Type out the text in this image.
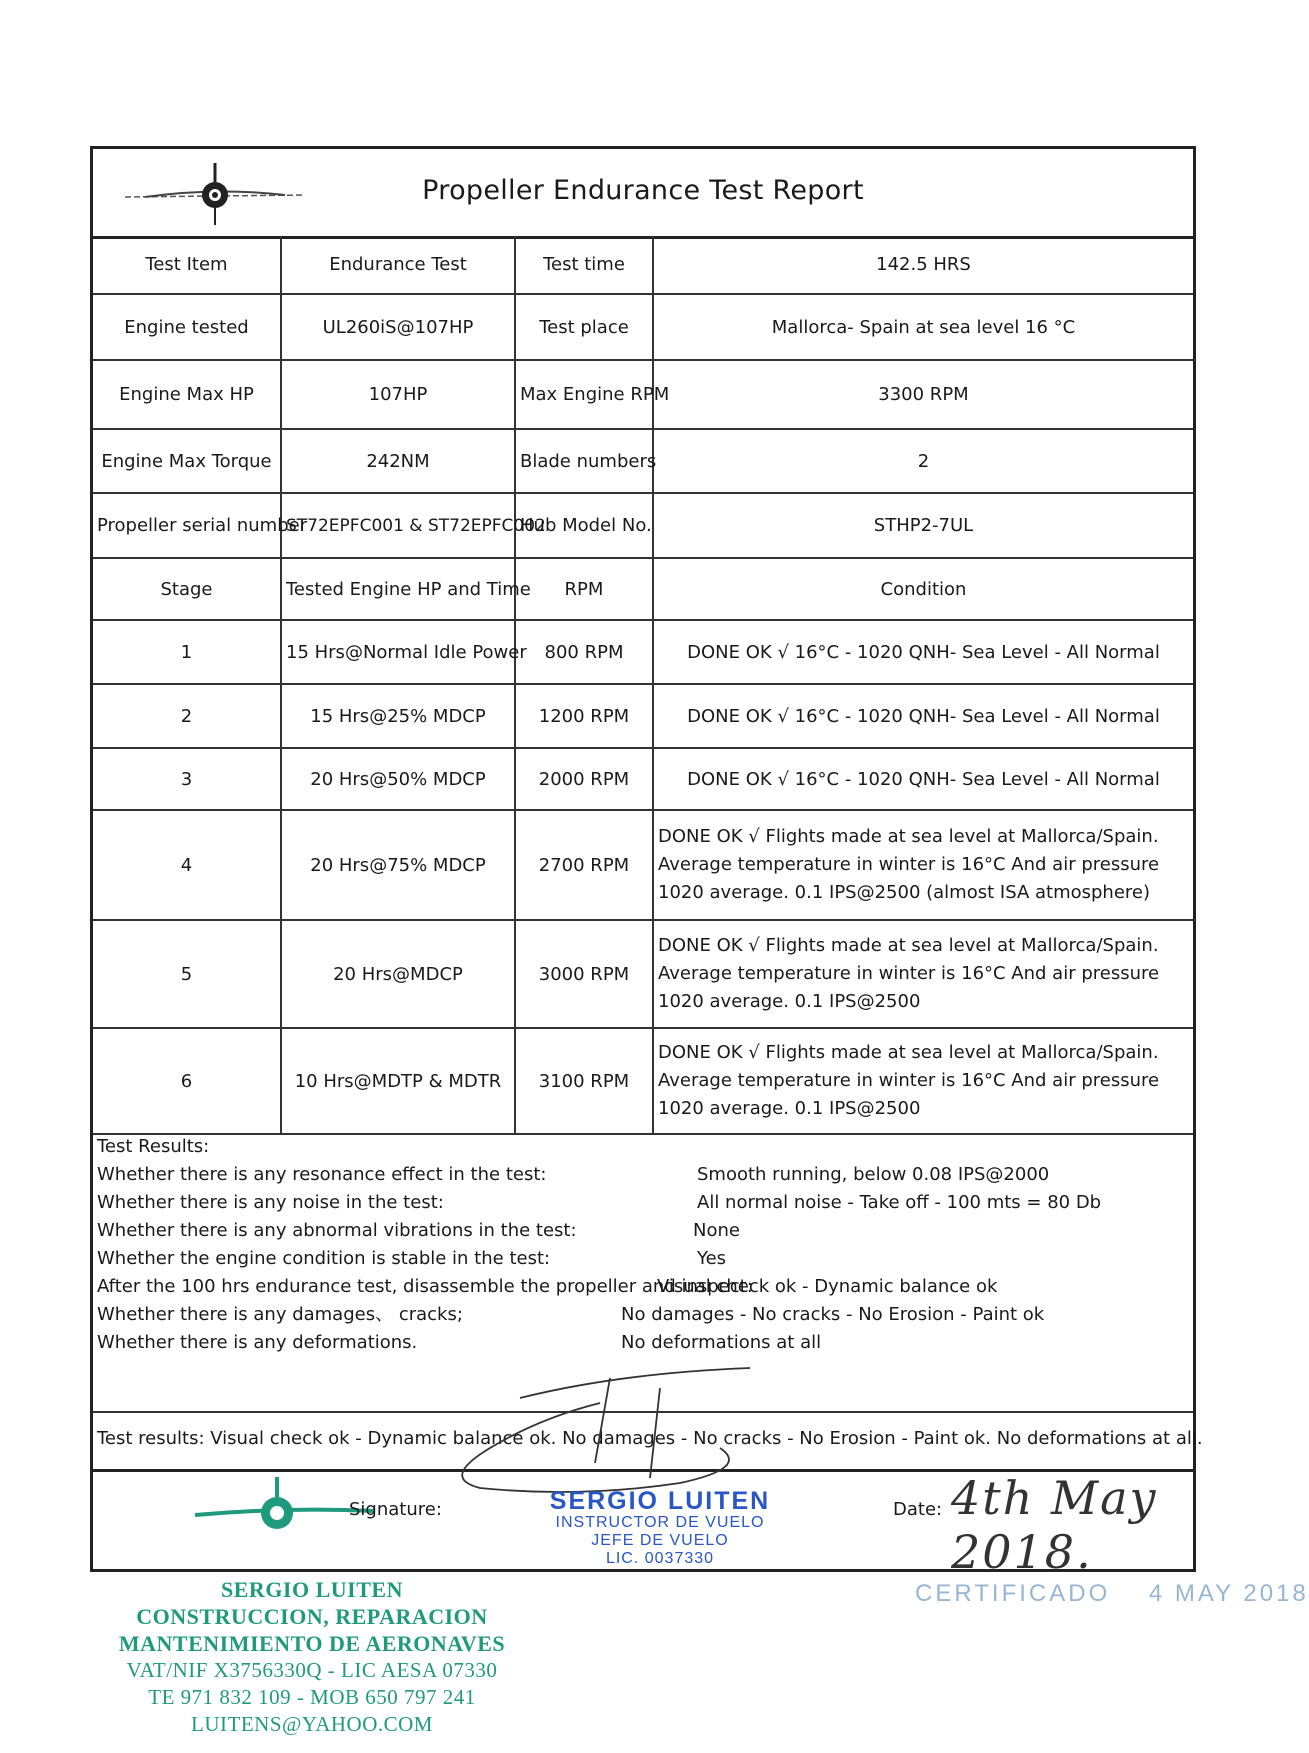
Propeller Endurance Test Report
Test Item	Endurance Test	Test time	142.5 HRS
Engine tested	UL260iS@107HP	Test place	Mallorca- Spain at sea level 16 °C
Engine Max HP	107HP	Max Engine RPM	3300 RPM
Engine Max Torque	242NM	Blade numbers	2
Propeller serial number	ST72EPFC001 & ST72EPFC002	Hub Model No.	STHP2-7UL
Stage	Tested Engine HP and Time	RPM	Condition
1	15 Hrs@Normal Idle Power	800 RPM	DONE OK √ 16°C - 1020 QNH- Sea Level - All Normal
2	15 Hrs@25% MDCP	1200 RPM	DONE OK √ 16°C - 1020 QNH- Sea Level - All Normal
3	20 Hrs@50% MDCP	2000 RPM	DONE OK √ 16°C - 1020 QNH- Sea Level - All Normal
4	20 Hrs@75% MDCP	2700 RPM	DONE OK √ Flights made at sea level at Mallorca/Spain. Average temperature in winter is 16°C And air pressure 1020 average. 0.1 IPS@2500 (almost ISA atmosphere)
5	20 Hrs@MDCP	3000 RPM	DONE OK √ Flights made at sea level at Mallorca/Spain. Average temperature in winter is 16°C And air pressure 1020 average. 0.1 IPS@2500
6	10 Hrs@MDTP & MDTR	3100 RPM	DONE OK √ Flights made at sea level at Mallorca/Spain. Average temperature in winter is 16°C And air pressure 1020 average. 0.1 IPS@2500
Test Results:
Whether there is any resonance effect in the test:	Smooth running, below 0.08 IPS@2000
Whether there is any noise in the test:	All normal noise - Take off - 100 mts = 80 Db
Whether there is any abnormal vibrations in the test:	None
Whether the engine condition is stable in the test:	Yes
After the 100 hrs endurance test, disassemble the propeller and inspect:
Visual check ok - Dynamic balance ok
Whether there is any damages、 cracks;	No damages - No cracks - No Erosion - Paint ok
Whether there is any deformations.	No deformations at all
Test results: Visual check ok - Dynamic balance ok. No damages - No cracks - No Erosion - Paint ok. No deformations at all.
Signature:	Date: 4th May 2018.
SERGIO LUITEN
INSTRUCTOR DE VUELO
JEFE DE VUELO
LIC. 0037330
SERGIO LUITEN
CONSTRUCCION, REPARACION
MANTENIMIENTO DE AERONAVES
VAT/NIF X3756330Q - LIC AESA 07330
TE 971 832 109 - MOB 650 797 241
LUITENS@YAHOO.COM
CERTIFICADO 4 MAY 2018
